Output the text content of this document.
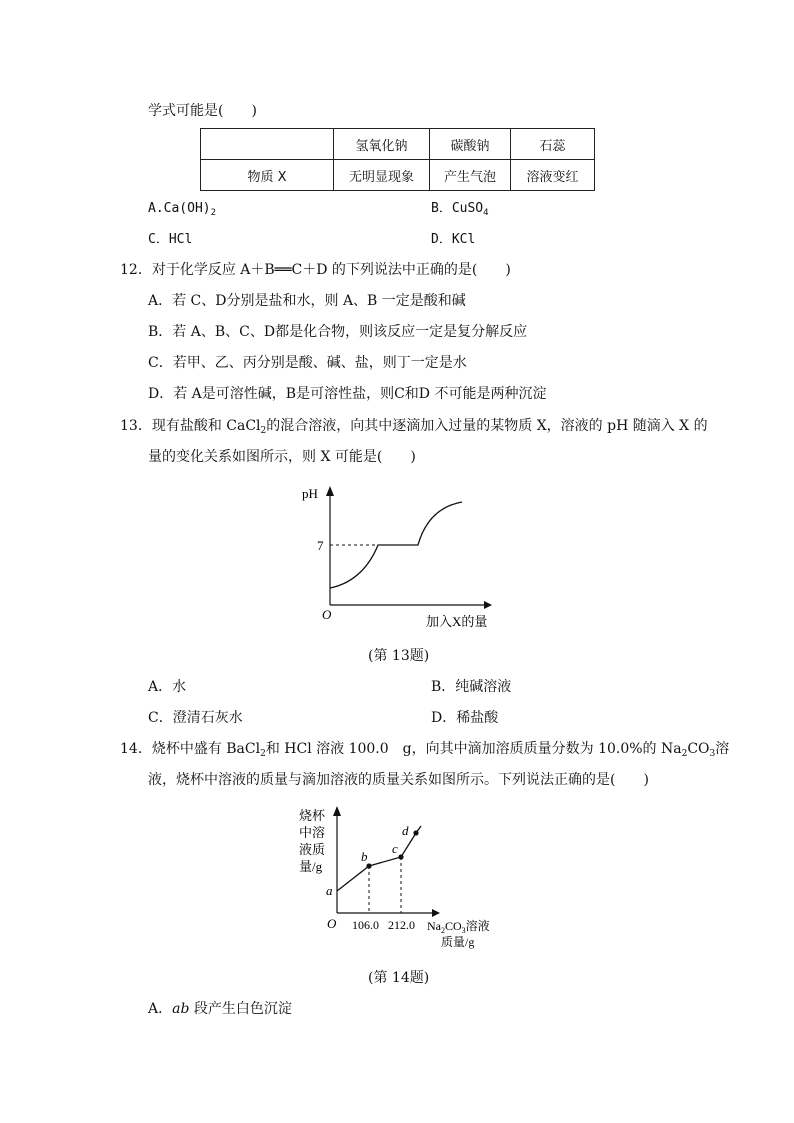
学式可能是(　　)
	氢氧化钠	碳酸钠	石蕊
物质 X	无明显现象	产生气泡	溶液变红
$A.Ca(OH)_2$	B．CuSO$_4$
C．HCl	D．KCl
12．对于化学反应 A＋B══C＋D 的下列说法中正确的是(　　)
A．若 C、D分别是盐和水，则 A、B 一定是酸和碱
B．若 A、B、C、D都是化合物，则该反应一定是复分解反应
C．若甲、乙、丙分别是酸、碱、盐，则丁一定是水
D．若 A是可溶性碱，B是可溶性盐，则C和D 不可能是两种沉淀
13．现有盐酸和 CaCl$_2$的混合溶液，向其中逐滴加入过量的某物质 X，溶液的 pH 随滴入 X 的
量的变化关系如图所示，则 X 可能是(　　)
pH
7
O	加入X的量
(第 13题)
A．水	B．纯碱溶液
C．澄清石灰水	D．稀盐酸
14．烧杯中盛有 BaCl$_2$和 HCl 溶液 100.0　g，向其中滴加溶质质量分数为 10.0%的 $Na_2CO_3$溶
液，烧杯中溶液的质量与滴加溶液的质量关系如图所示。下列说法正确的是(　　)
a
b
c
d
烧杯
中溶
液质
量/g
O 106.0 212.0 $Na_2CO_3$溶液
质量/g
(第 14题)
A．ab 段产生白色沉淀
